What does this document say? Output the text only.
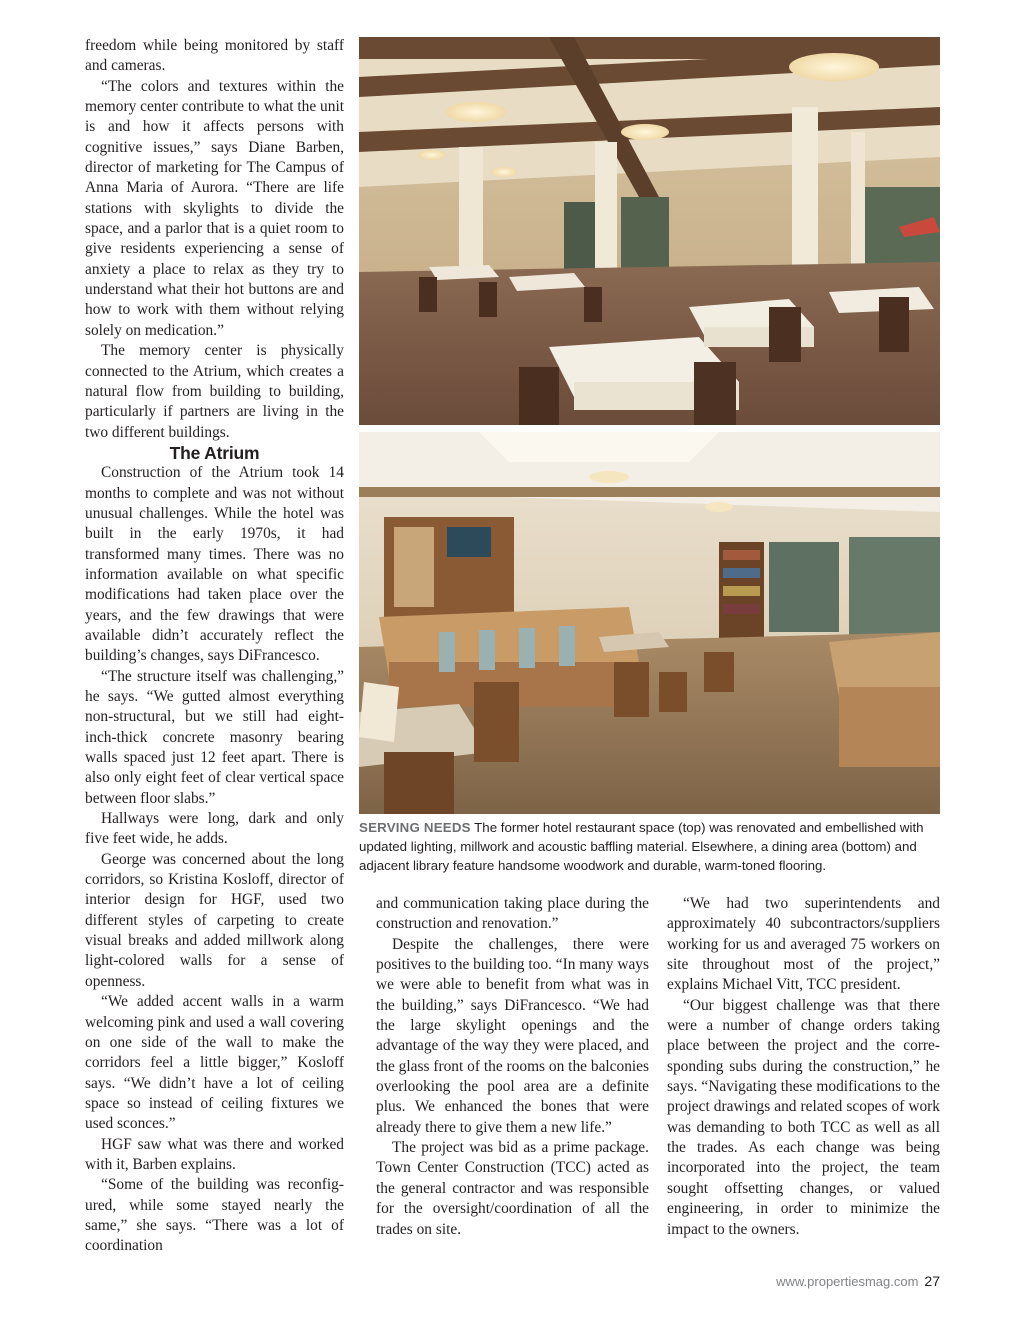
freedom while being monitored by staff and cameras.

“The colors and textures within the memory center contribute to what the unit is and how it affects persons with cognitive issues,” says Diane Barben, director of marketing for The Campus of Anna Maria of Aurora. “There are life stations with skylights to divide the space, and a parlor that is a quiet room to give residents experiencing a sense of anxiety a place to relax as they try to understand what their hot buttons are and how to work with them without relying solely on medication.”

The memory center is physically connected to the Atrium, which creates a natural flow from building to building, particularly if partners are living in the two different buildings.

The Atrium

Construction of the Atrium took 14 months to complete and was not without unusual challenges. While the hotel was built in the early 1970s, it had transformed many times. There was no information available on what specific modifications had taken place over the years, and the few drawings that were available didn’t accurately reflect the building’s changes, says DiFrancesco.

“The structure itself was challenging,” he says. “We gutted almost everything non-structural, but we still had eight-inch-thick concrete masonry bearing walls spaced just 12 feet apart. There is also only eight feet of clear vertical space between floor slabs.”

Hallways were long, dark and only five feet wide, he adds.

George was concerned about the long corridors, so Kristina Kosloff, director of interior design for HGF, used two different styles of carpeting to create visual breaks and added millwork along light-colored walls for a sense of openness.

“We added accent walls in a warm welcoming pink and used a wall covering on one side of the wall to make the corridors feel a little bigger,” Kosloff says. “We didn’t have a lot of ceiling space so instead of ceiling fixtures we used sconces.”

HGF saw what was there and worked with it, Barben explains.

“Some of the building was reconfigured, while some stayed nearly the same,” she says. “There was a lot of coordination

SERVING NEEDS The former hotel restaurant space (top) was renovated and embellished with updated lighting, millwork and acoustic baffling material. Elsewhere, a dining area (bottom) and adjacent library feature handsome woodwork and durable, warm-toned flooring.

and communication taking place during the construction and renovation.”

Despite the challenges, there were positives to the building too. “In many ways we were able to benefit from what was in the building,” says DiFrancesco. “We had the large skylight openings and the advantage of the way they were placed, and the glass front of the rooms on the balconies overlooking the pool area are a definite plus. We enhanced the bones that were already there to give them a new life.”

The project was bid as a prime package. Town Center Construction (TCC) acted as the general contractor and was responsible for the oversight/coordination of all the trades on site.

“We had two superintendents and approximately 40 subcontractors/suppliers working for us and averaged 75 workers on site throughout most of the project,” explains Michael Vitt, TCC president.

“Our biggest challenge was that there were a number of change orders taking place between the project and the corresponding subs during the construction,” he says. “Navigating these modifications to the project drawings and related scopes of work was demanding to both TCC as well as all the trades. As each change was being incorporated into the project, the team sought offsetting changes, or valued engineering, in order to minimize the impact to the owners.

www.propertiesmag.com 27
